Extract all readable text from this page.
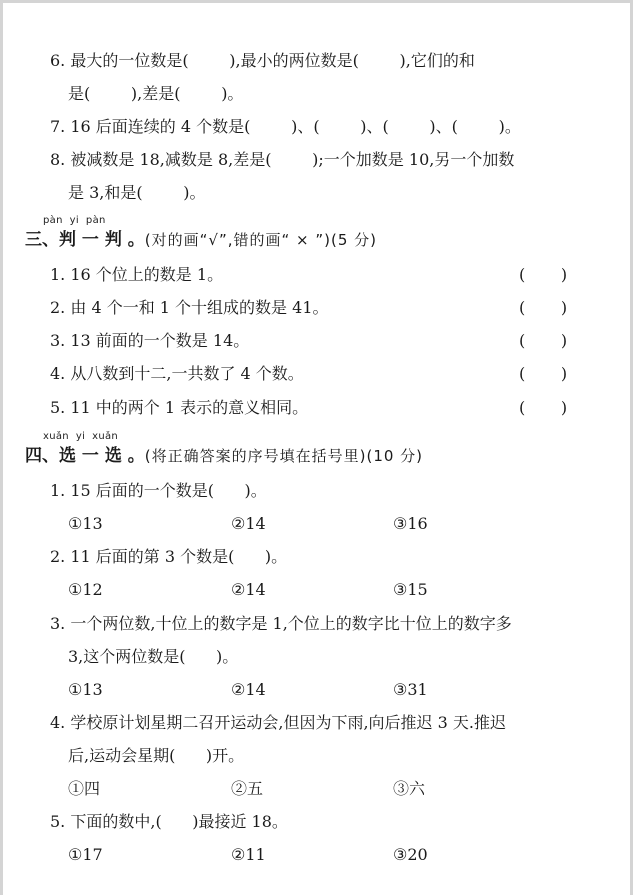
6. 最大的一位数是(        ),最小的两位数是(        ),它们的和
是(        ),差是(        )。
7. 16 后面连续的 4 个数是(        )、(        )、(        )、(        )。
8. 被减数是 18,减数是 8,差是(        );一个加数是 10,另一个加数
是 3,和是(        )。
pàn  yi  pàn
三、判 一 判 。(对的画“√”,错的画“ × ”)(5 分)
1. 16 个位上的数是 1。	(       )
2. 由 4 个一和 1 个十组成的数是 41。	(       )
3. 13 前面的一个数是 14。	(       )
4. 从八数到十二,一共数了 4 个数。	(       )
5. 11 中的两个 1 表示的意义相同。	(       )
xuǎn  yi  xuǎn
四、选 一 选 。(将正确答案的序号填在括号里)(10 分)
1. 15 后面的一个数是(      )。
①13	②14	③16
2. 11 后面的第 3 个数是(      )。
①12	②14	③15
3. 一个两位数,十位上的数字是 1,个位上的数字比十位上的数字多
3,这个两位数是(      )。
①13	②14	③31
4. 学校原计划星期二召开运动会,但因为下雨,向后推迟 3 天.推迟
后,运动会星期(      )开。
①四	②五	③六
5. 下面的数中,(      )最接近 18。
①17	②11	③20
